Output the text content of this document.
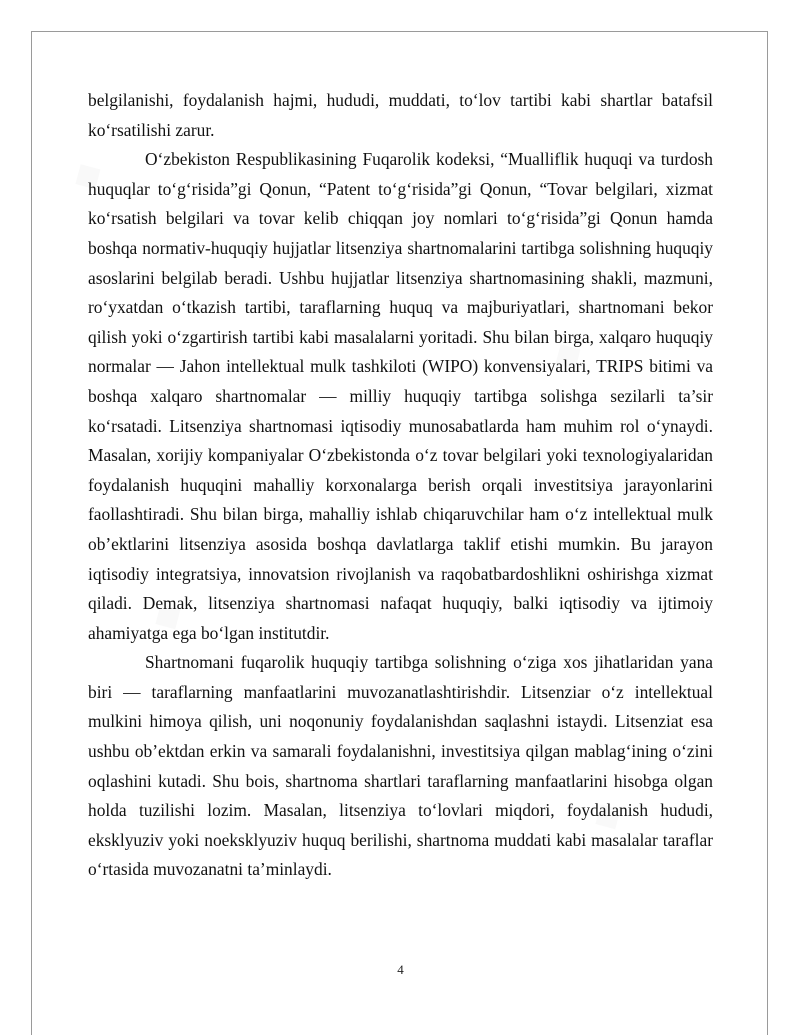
belgilanishi, foydalanish hajmi, hududi, muddati, to‘lov tartibi kabi shartlar batafsil ko‘rsatilishi zarur.

O‘zbekiston Respublikasining Fuqarolik kodeksi, “Mualliflik huquqi va turdosh huquqlar to‘g‘risida”gi Qonun, “Patent to‘g‘risida”gi Qonun, “Tovar belgilari, xizmat ko‘rsatish belgilari va tovar kelib chiqqan joy nomlari to‘g‘risida”gi Qonun hamda boshqa normativ-huquqiy hujjatlar litsenziya shartnomalarini tartibga solishning huquqiy asoslarini belgilab beradi. Ushbu hujjatlar litsenziya shartnomasining shakli, mazmuni, ro‘yxatdan o‘tkazish tartibi, taraflarning huquq va majburiyatlari, shartnomani bekor qilish yoki o‘zgartirish tartibi kabi masalalarni yoritadi. Shu bilan birga, xalqaro huquqiy normalar — Jahon intellektual mulk tashkiloti (WIPO) konvensiyalari, TRIPS bitimi va boshqa xalqaro shartnomalar — milliy huquqiy tartibga solishga sezilarli ta’sir ko‘rsatadi. Litsenziya shartnomasi iqtisodiy munosabatlarda ham muhim rol o‘ynaydi. Masalan, xorijiy kompaniyalar O‘zbekistonda o‘z tovar belgilari yoki texnologiyalaridan foydalanish huquqini mahalliy korxonalarga berish orqali investitsiya jarayonlarini faollashtiradi. Shu bilan birga, mahalliy ishlab chiqaruvchilar ham o‘z intellektual mulk ob’ektlarini litsenziya asosida boshqa davlatlarga taklif etishi mumkin. Bu jarayon iqtisodiy integratsiya, innovatsion rivojlanish va raqobatbardoshlikni oshirishga xizmat qiladi. Demak, litsenziya shartnomasi nafaqat huquqiy, balki iqtisodiy va ijtimoiy ahamiyatga ega bo‘lgan institutdir.

Shartnomani fuqarolik huquqiy tartibga solishning o‘ziga xos jihatlaridan yana biri — taraflarning manfaatlarini muvozanatlashtirishdir. Litsenziar o‘z intellektual mulkini himoya qilish, uni noqonuniy foydalanishdan saqlashni istaydi. Litsenziat esa ushbu ob’ektdan erkin va samarali foydalanishni, investitsiya qilgan mablag‘ining o‘zini oqlashini kutadi. Shu bois, shartnoma shartlari taraflarning manfaatlarini hisobga olgan holda tuzilishi lozim. Masalan, litsenziya to‘lovlari miqdori, foydalanish hududi, eksklyuziv yoki noeksklyuziv huquq berilishi, shartnoma muddati kabi masalalar taraflar o‘rtasida muvozanatni ta’minlaydi.

4
